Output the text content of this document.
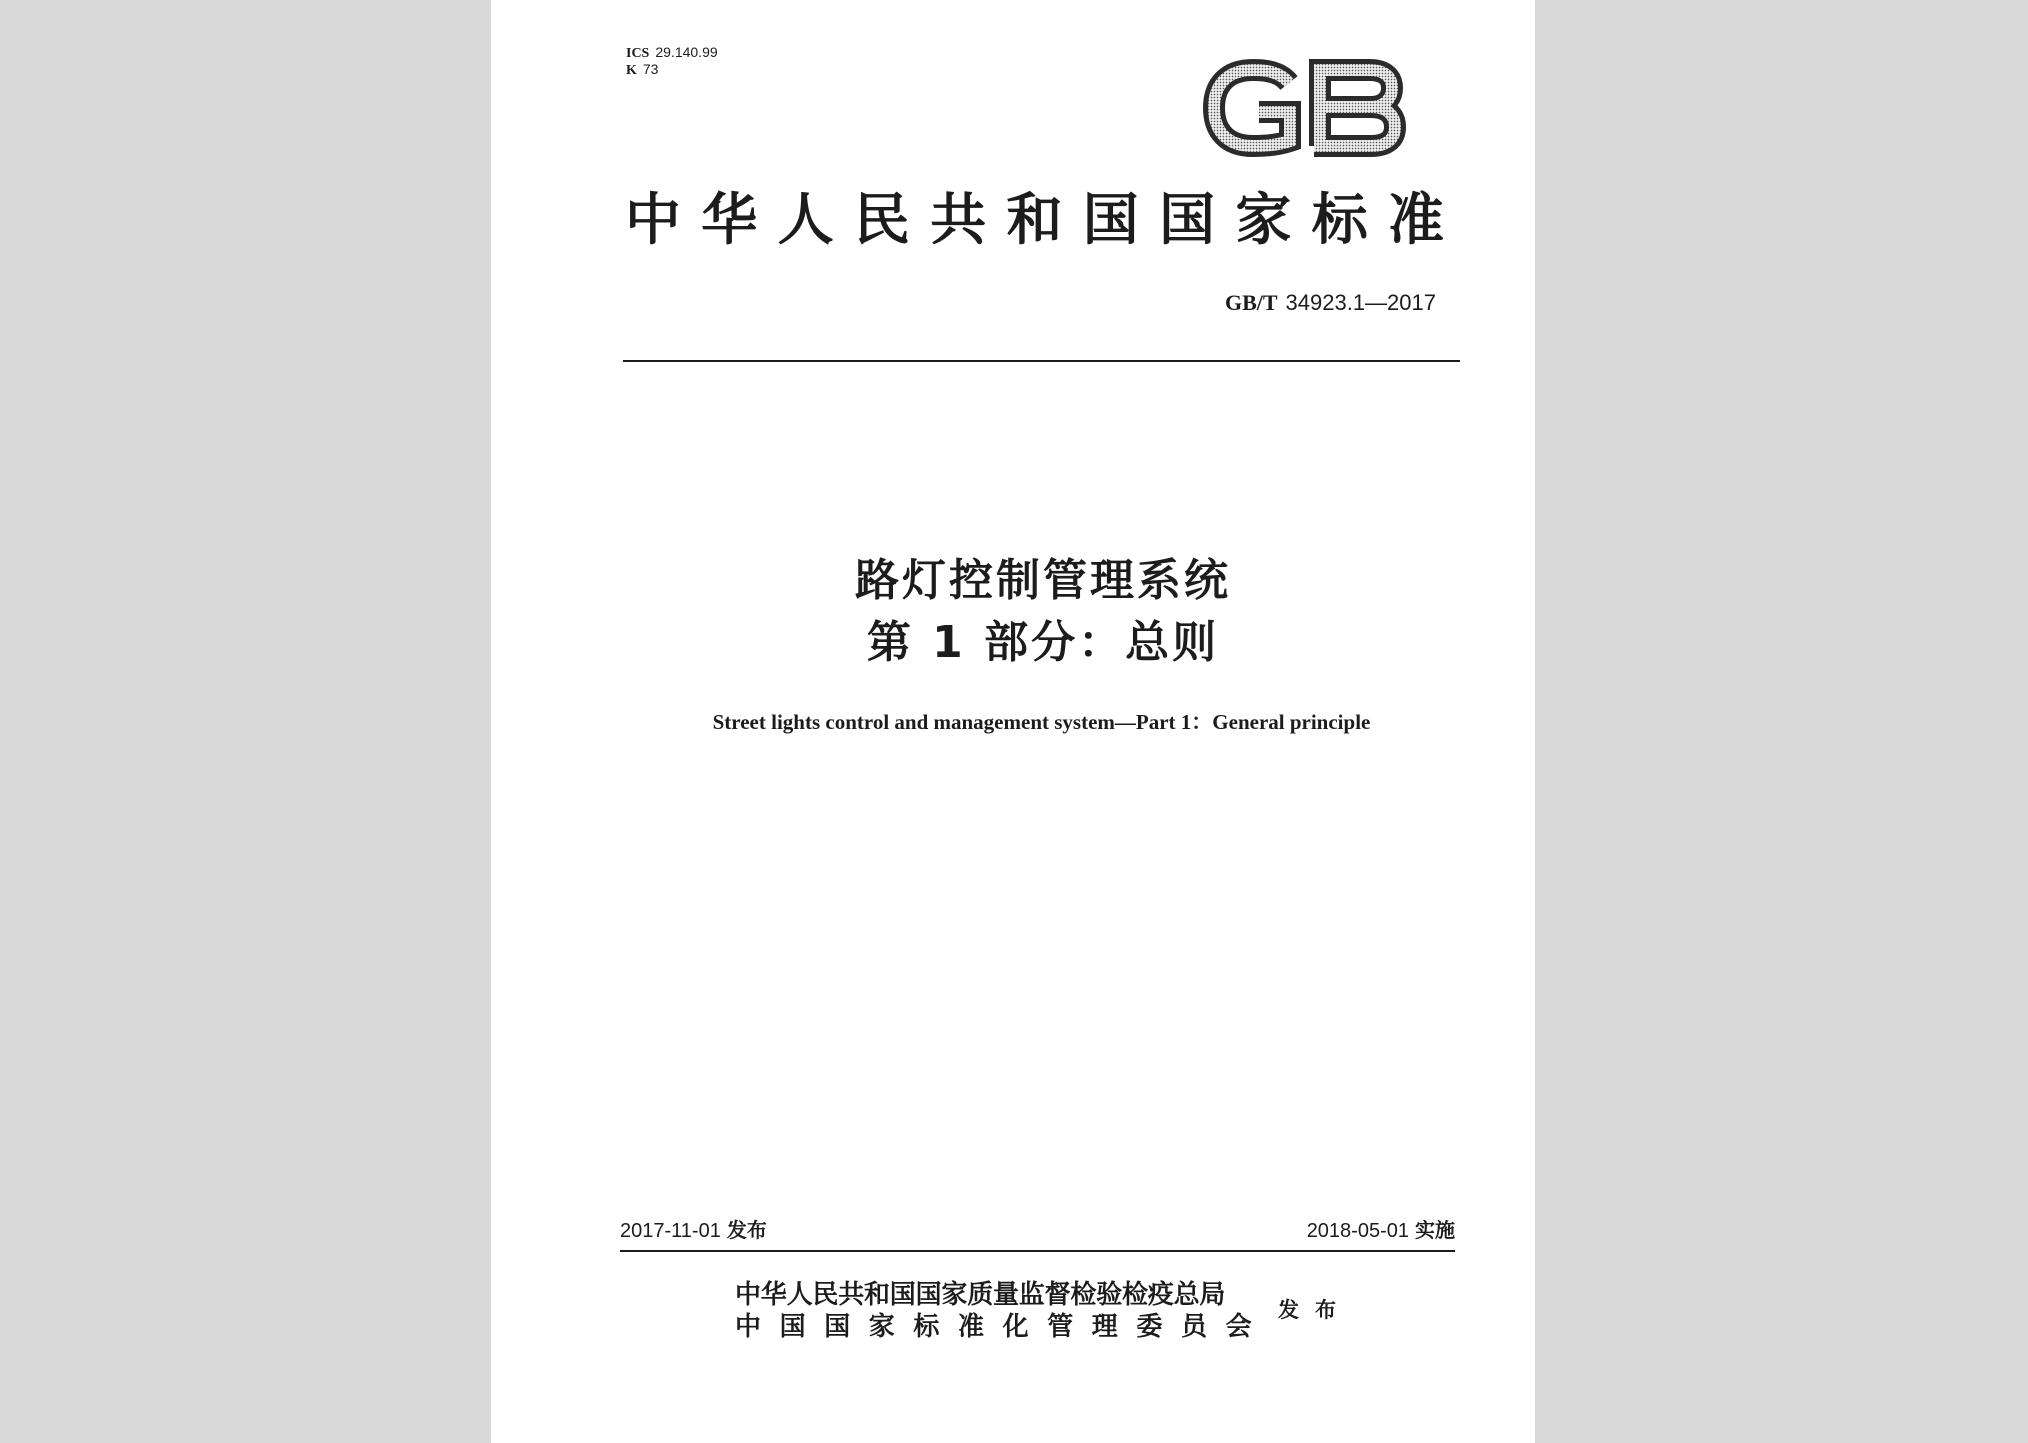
ICS 29.140.99
K 73
中华人民共和国国家标准
GB/T 34923.1—2017
路灯控制管理系统
第 1 部分：总则
Street lights control and management system—Part 1：General principle
2017-11-01 发布	2018-05-01 实施
中华人民共和国国家质量监督检验检疫总局
中国国家标准化管理委员会
发布
